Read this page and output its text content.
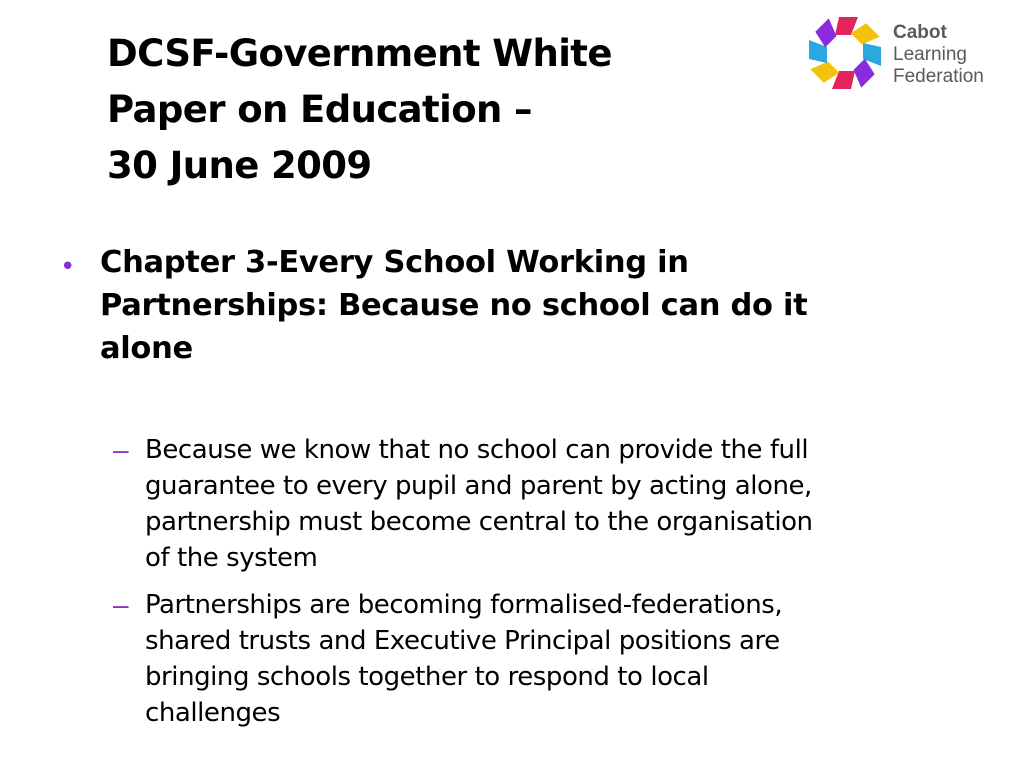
DCSF-Government White
Paper on Education –
30 June 2009
Cabot
Learning
Federation
• Chapter 3-Every School Working in
Partnerships: Because no school can do it
alone
– Because we know that no school can provide the full
guarantee to every pupil and parent by acting alone,
partnership must become central to the organisation
of the system
– Partnerships are becoming formalised-federations,
shared trusts and Executive Principal positions are
bringing schools together to respond to local
challenges
